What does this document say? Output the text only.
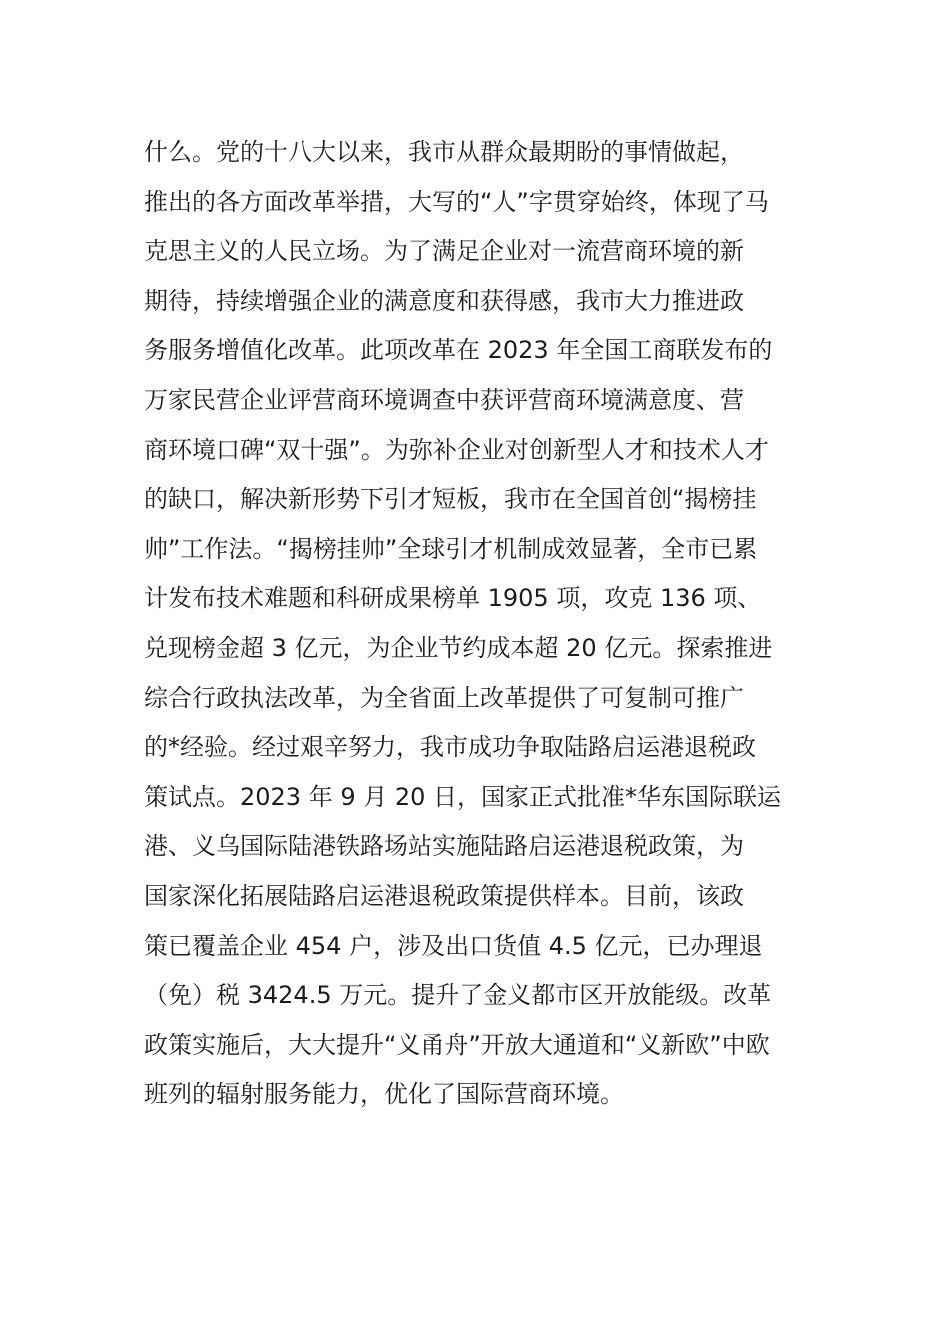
什么。党的十八大以来，我市从群众最期盼的事情做起，
推出的各方面改革举措，大写的“人”字贯穿始终，体现了马
克思主义的人民立场。为了满足企业对一流营商环境的新
期待，持续增强企业的满意度和获得感，我市大力推进政
务服务增值化改革。此项改革在 2023 年全国工商联发布的
万家民营企业评营商环境调查中获评营商环境满意度、营
商环境口碑“双十强”。为弥补企业对创新型人才和技术人才
的缺口，解决新形势下引才短板，我市在全国首创“揭榜挂
帅”工作法。“揭榜挂帅”全球引才机制成效显著，全市已累
计发布技术难题和科研成果榜单 1905 项，攻克 136 项、
兑现榜金超 3 亿元，为企业节约成本超 20 亿元。探索推进
综合行政执法改革，为全省面上改革提供了可复制可推广
的*经验。经过艰辛努力，我市成功争取陆路启运港退税政
策试点。2023 年 9 月 20 日，国家正式批准*华东国际联运
港、义乌国际陆港铁路场站实施陆路启运港退税政策，为
国家深化拓展陆路启运港退税政策提供样本。目前，该政
策已覆盖企业 454 户，涉及出口货值 4.5 亿元，已办理退
（免）税 3424.5 万元。提升了金义都市区开放能级。改革
政策实施后，大大提升“义甬舟”开放大通道和“义新欧”中欧
班列的辐射服务能力，优化了国际营商环境。
